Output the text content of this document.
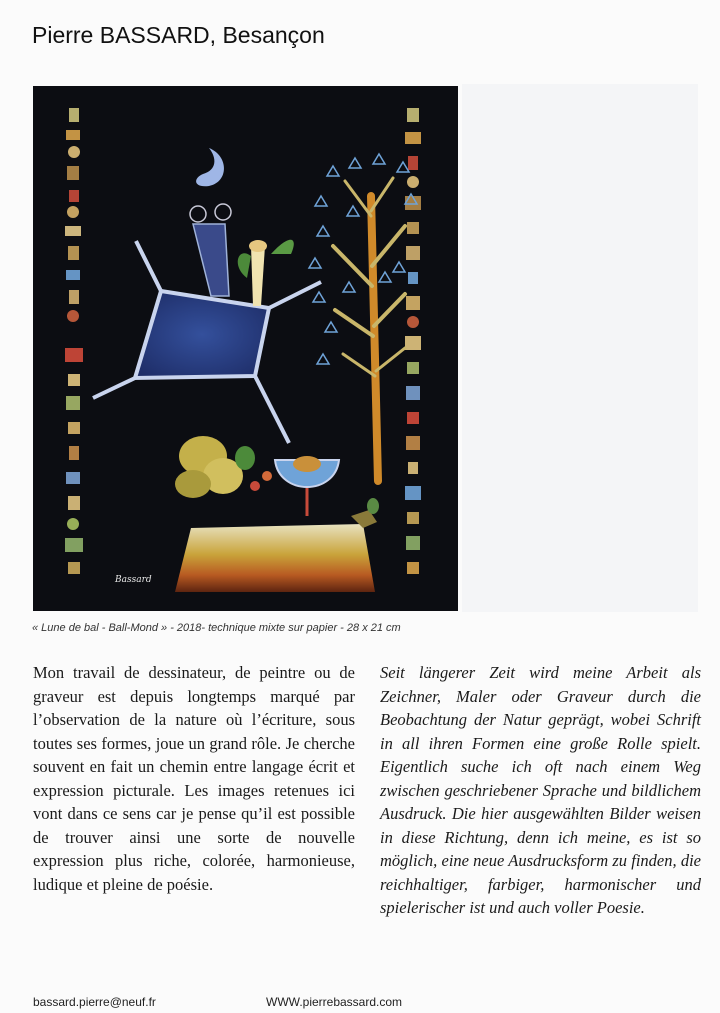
Pierre BASSARD, Besançon
Bassard
« Lune de bal - Ball-Mond » - 2018- technique mixte sur papier - 28 x 21 cm

Mon travail de dessinateur, de peintre ou de graveur est depuis longtemps marqué par l’observation de la nature où l’écriture, sous toutes ses formes, joue un grand rôle. Je cherche souvent en fait un chemin entre langage écrit et expression picturale. Les images retenues ici vont dans ce sens car je pense qu’il est possible de trouver ainsi une sorte de nouvelle expression plus riche, colorée, harmonieuse, ludique et pleine de poésie.

Seit längerer Zeit wird meine Arbeit als Zeichner, Maler oder Graveur durch die Beobachtung der Natur geprägt, wobei Schrift in all ihren Formen eine große Rolle spielt. Eigentlich suche ich oft nach einem Weg zwischen geschriebener Sprache und bildlichem Ausdruck. Die hier ausgewählten Bilder weisen in diese Richtung, denn ich meine, es ist so möglich, eine neue Ausdrucksform zu finden, die reichhaltiger, farbiger, harmonischer und spielerischer ist und auch voller Poesie.

bassard.pierre@neuf.fr	WWW.pierrebassard.com
